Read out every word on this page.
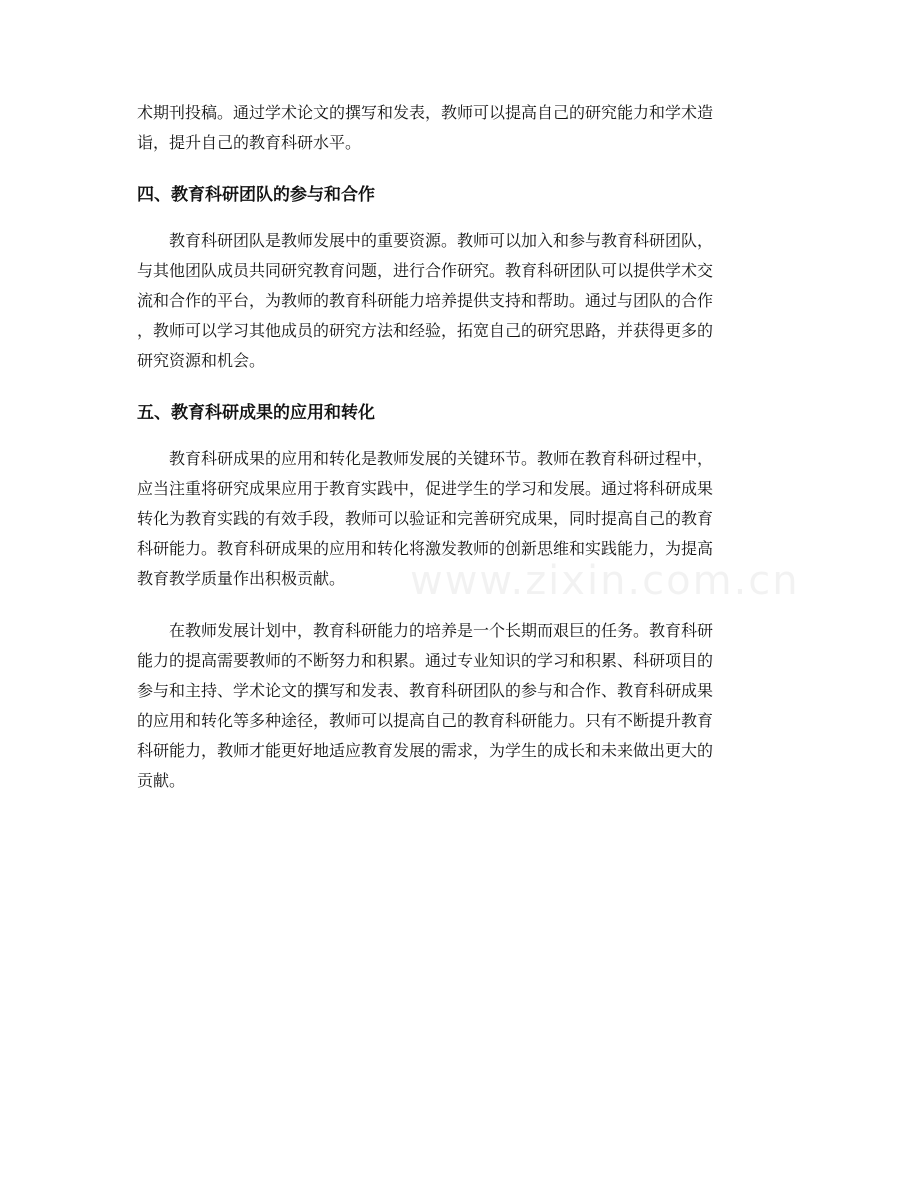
术期刊投稿。通过学术论文的撰写和发表，教师可以提高自己的研究能力和学术造
诣，提升自己的教育科研水平。

四、教育科研团队的参与和合作

教育科研团队是教师发展中的重要资源。教师可以加入和参与教育科研团队，
与其他团队成员共同研究教育问题，进行合作研究。教育科研团队可以提供学术交
流和合作的平台，为教师的教育科研能力培养提供支持和帮助。通过与团队的合作
，教师可以学习其他成员的研究方法和经验，拓宽自己的研究思路，并获得更多的
研究资源和机会。

五、教育科研成果的应用和转化

教育科研成果的应用和转化是教师发展的关键环节。教师在教育科研过程中，
应当注重将研究成果应用于教育实践中，促进学生的学习和发展。通过将科研成果
转化为教育实践的有效手段，教师可以验证和完善研究成果，同时提高自己的教育
科研能力。教育科研成果的应用和转化将激发教师的创新思维和实践能力，为提高
教育教学质量作出积极贡献。

在教师发展计划中，教育科研能力的培养是一个长期而艰巨的任务。教育科研
能力的提高需要教师的不断努力和积累。通过专业知识的学习和积累、科研项目的
参与和主持、学术论文的撰写和发表、教育科研团队的参与和合作、教育科研成果
的应用和转化等多种途径，教师可以提高自己的教育科研能力。只有不断提升教育
科研能力，教师才能更好地适应教育发展的需求，为学生的成长和未来做出更大的
贡献。

www.zixin.com.cn
